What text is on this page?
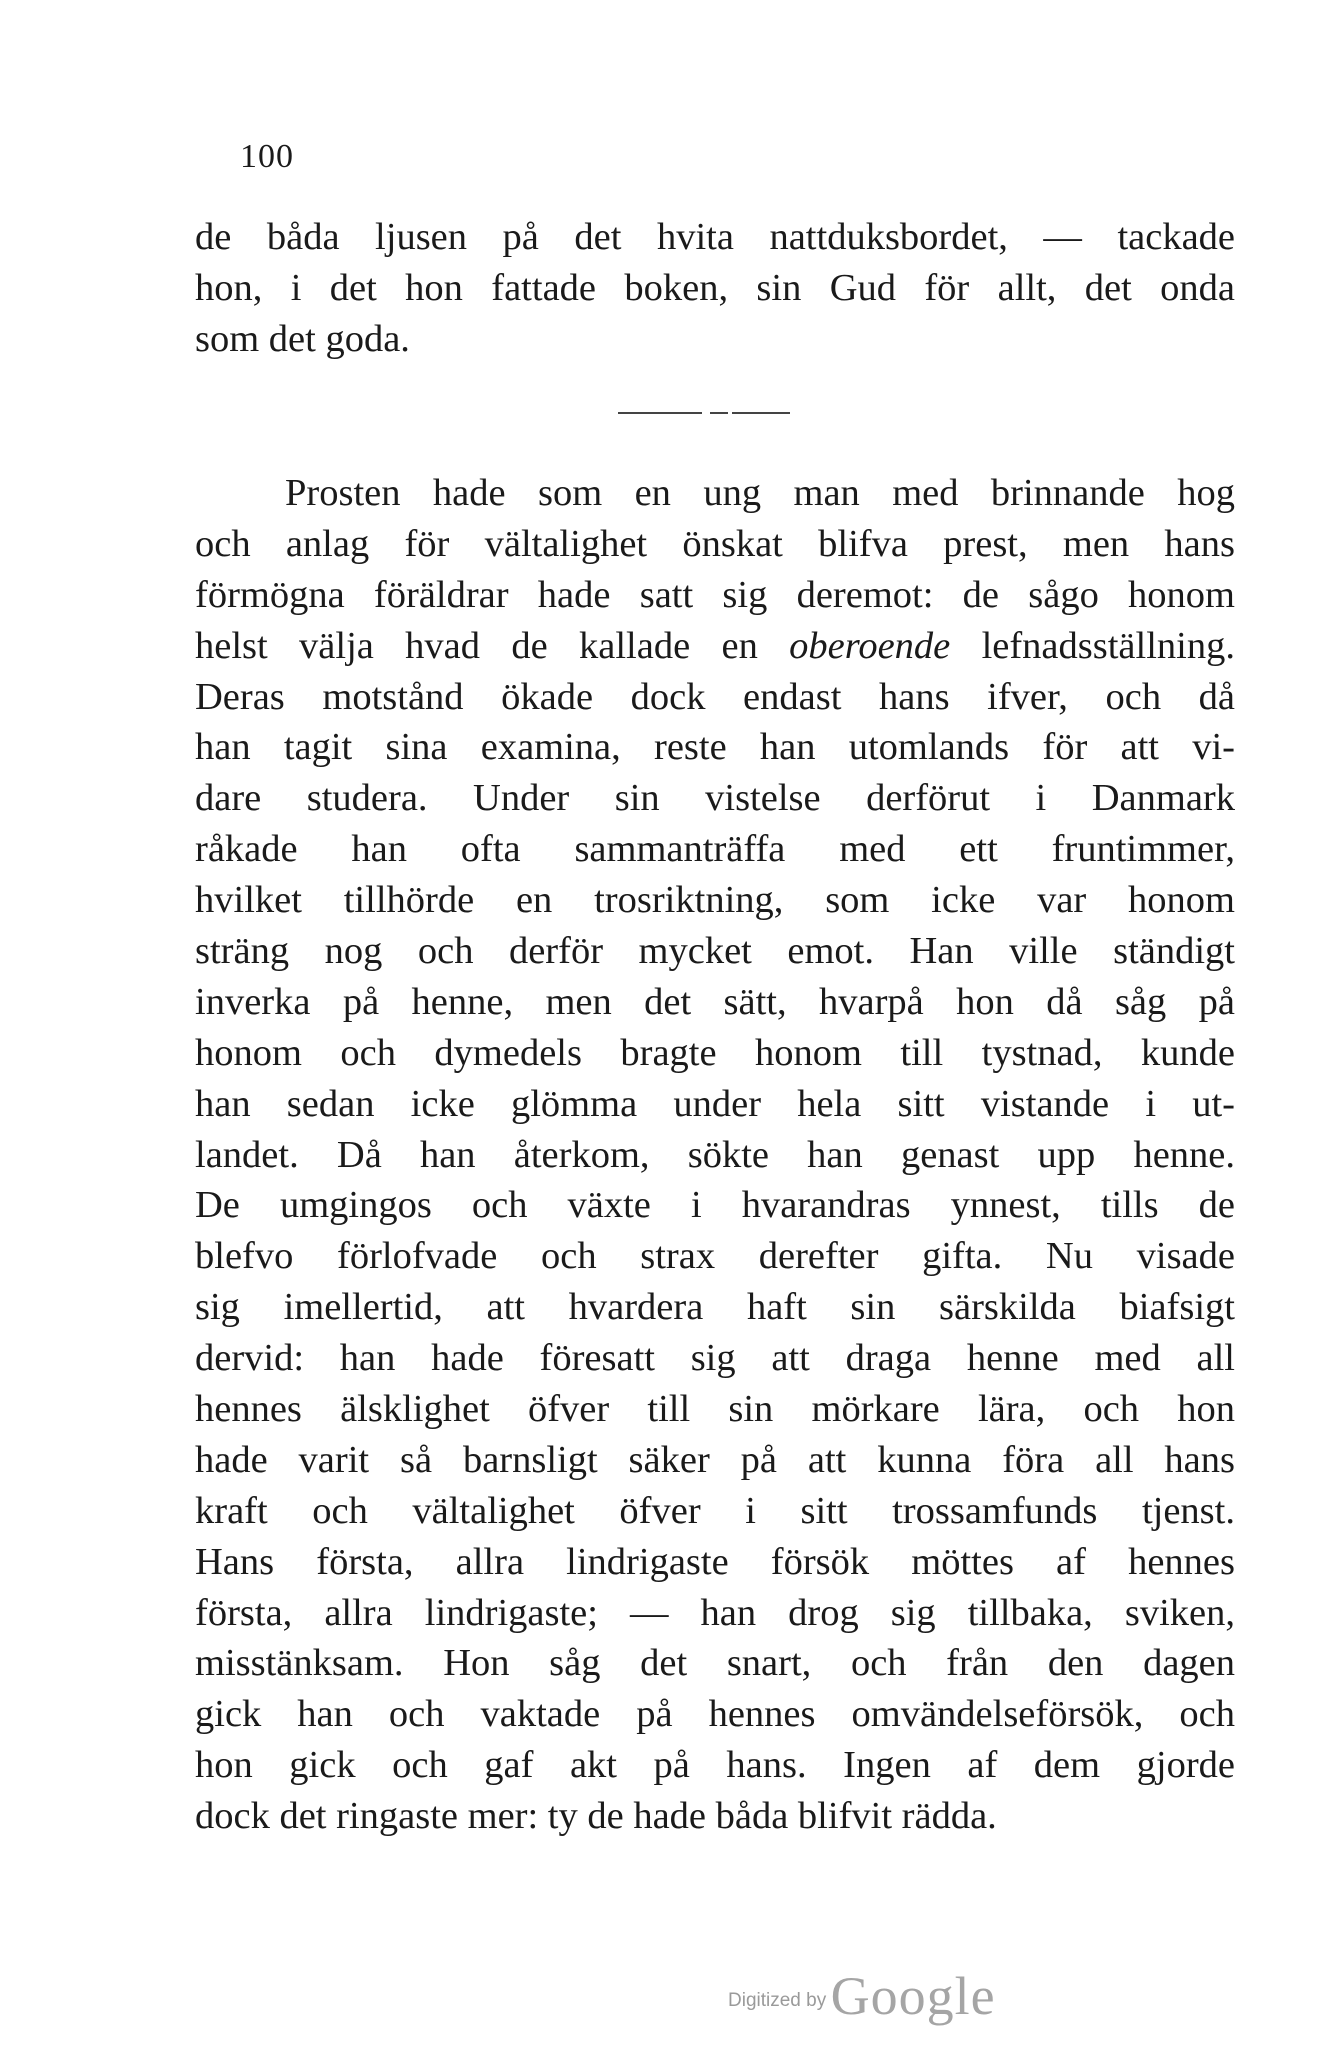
100
de båda ljusen på det hvita nattduksbordet, — tackade
hon, i det hon fattade boken, sin Gud för allt, det onda
som det goda.
Prosten hade som en ung man med brinnande hog
och anlag för vältalighet önskat blifva prest, men hans
förmögna föräldrar hade satt sig deremot: de sågo honom
helst välja hvad de kallade en oberoende lefnadsställning.
Deras motstånd ökade dock endast hans ifver, och då
han tagit sina examina, reste han utomlands för att vi-
dare studera. Under sin vistelse derförut i Danmark
råkade han ofta sammanträffa med ett fruntimmer,
hvilket tillhörde en trosriktning, som icke var honom
sträng nog och derför mycket emot. Han ville ständigt
inverka på henne, men det sätt, hvarpå hon då såg på
honom och dymedels bragte honom till tystnad, kunde
han sedan icke glömma under hela sitt vistande i ut-
landet. Då han återkom, sökte han genast upp henne.
De umgingos och växte i hvarandras ynnest, tills de
blefvo förlofvade och strax derefter gifta. Nu visade
sig imellertid, att hvardera haft sin särskilda biafsigt
dervid: han hade föresatt sig att draga henne med all
hennes älsklighet öfver till sin mörkare lära, och hon
hade varit så barnsligt säker på att kunna föra all hans
kraft och vältalighet öfver i sitt trossamfunds tjenst.
Hans första, allra lindrigaste försök möttes af hennes
första, allra lindrigaste; — han drog sig tillbaka, sviken,
misstänksam. Hon såg det snart, och från den dagen
gick han och vaktade på hennes omvändelseförsök, och
hon gick och gaf akt på hans. Ingen af dem gjorde
dock det ringaste mer: ty de hade båda blifvit rädda.
Digitized by Google
